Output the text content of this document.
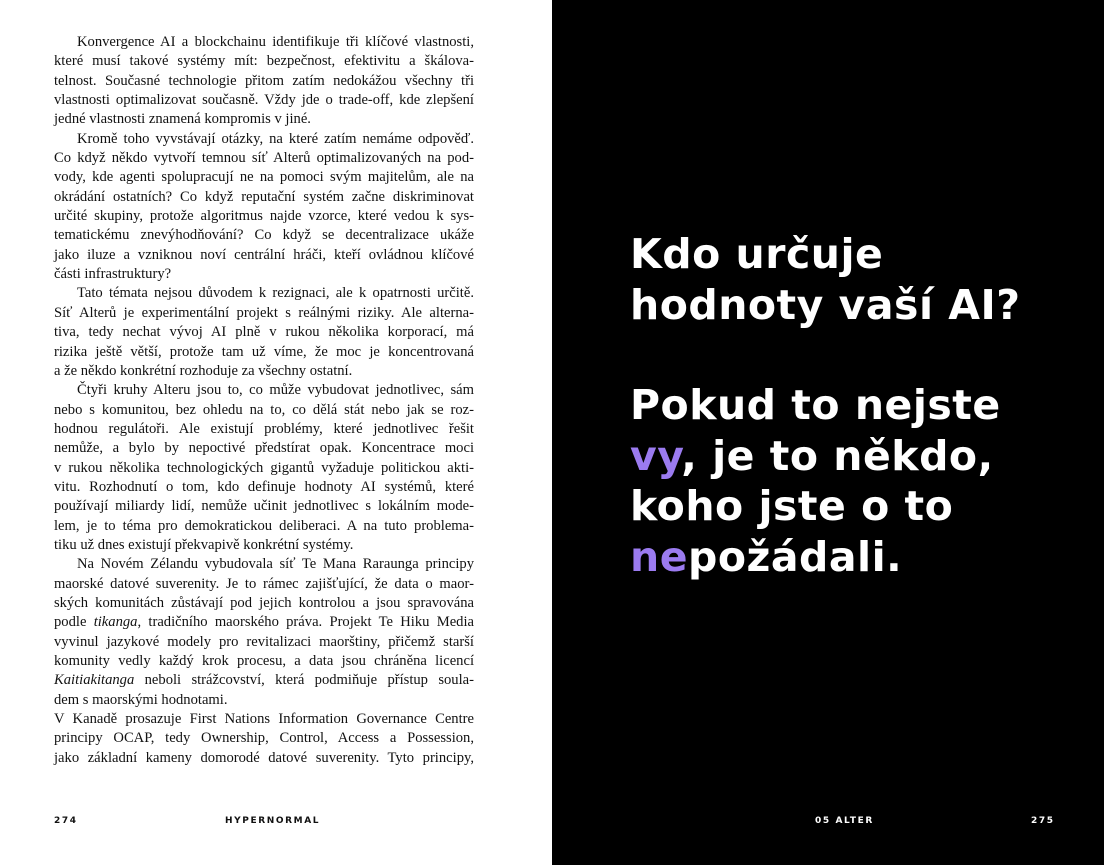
Konvergence AI a blockchainu identifikuje tři klíčové vlastnosti,
které musí takové systémy mít: bezpečnost, efektivitu a škálova-
telnost. Současné technologie přitom zatím nedokážou všechny tři
vlastnosti optimalizovat současně. Vždy jde o trade-off, kde zlepšení
jedné vlastnosti znamená kompromis v jiné.

Kromě toho vyvstávají otázky, na které zatím nemáme odpověď.
Co když někdo vytvoří temnou síť Alterů optimalizovaných na pod-
vody, kde agenti spolupracují ne na pomoci svým majitelům, ale na
okrádání ostatních? Co když reputační systém začne diskriminovat
určité skupiny, protože algoritmus najde vzorce, které vedou k sys-
tematickému znevýhodňování? Co když se decentralizace ukáže
jako iluze a vzniknou noví centrální hráči, kteří ovládnou klíčové
části infrastruktury?

Tato témata nejsou důvodem k rezignaci, ale k opatrnosti určitě.
Síť Alterů je experimentální projekt s reálnými riziky. Ale alterna-
tiva, tedy nechat vývoj AI plně v rukou několika korporací, má
rizika ještě větší, protože tam už víme, že moc je koncentrovaná
a že někdo konkrétní rozhoduje za všechny ostatní.

Čtyři kruhy Alteru jsou to, co může vybudovat jednotlivec, sám
nebo s komunitou, bez ohledu na to, co dělá stát nebo jak se roz-
hodnou regulátoři. Ale existují problémy, které jednotlivec řešit
nemůže, a bylo by nepoctivé předstírat opak. Koncentrace moci
v rukou několika technologických gigantů vyžaduje politickou akti-
vitu. Rozhodnutí o tom, kdo definuje hodnoty AI systémů, které
používají miliardy lidí, nemůže učinit jednotlivec s lokálním mode-
lem, je to téma pro demokratickou deliberaci. A na tuto problema-
tiku už dnes existují překvapivě konkrétní systémy.

Na Novém Zélandu vybudovala síť Te Mana Raraunga principy
maorské datové suverenity. Je to rámec zajišťující, že data o maor-
ských komunitách zůstávají pod jejich kontrolou a jsou spravována
podle tikanga, tradičního maorského práva. Projekt Te Hiku Media
vyvinul jazykové modely pro revitalizaci maorštiny, přičemž starší
komunity vedly každý krok procesu, a data jsou chráněna licencí
Kaitiakitanga neboli strážcovství, která podmiňuje přístup soula-
dem s maorskými hodnotami.

V Kanadě prosazuje First Nations Information Governance Centre
principy OCAP, tedy Ownership, Control, Access a Possession,
jako základní kameny domorodé datové suverenity. Tyto principy,

274	HYPERNORMAL
Kdo určuje
hodnoty vaší AI?
Pokud to nejste
vy, je to někdo,
koho jste o to
nepožádali.
05 ALTER	275
